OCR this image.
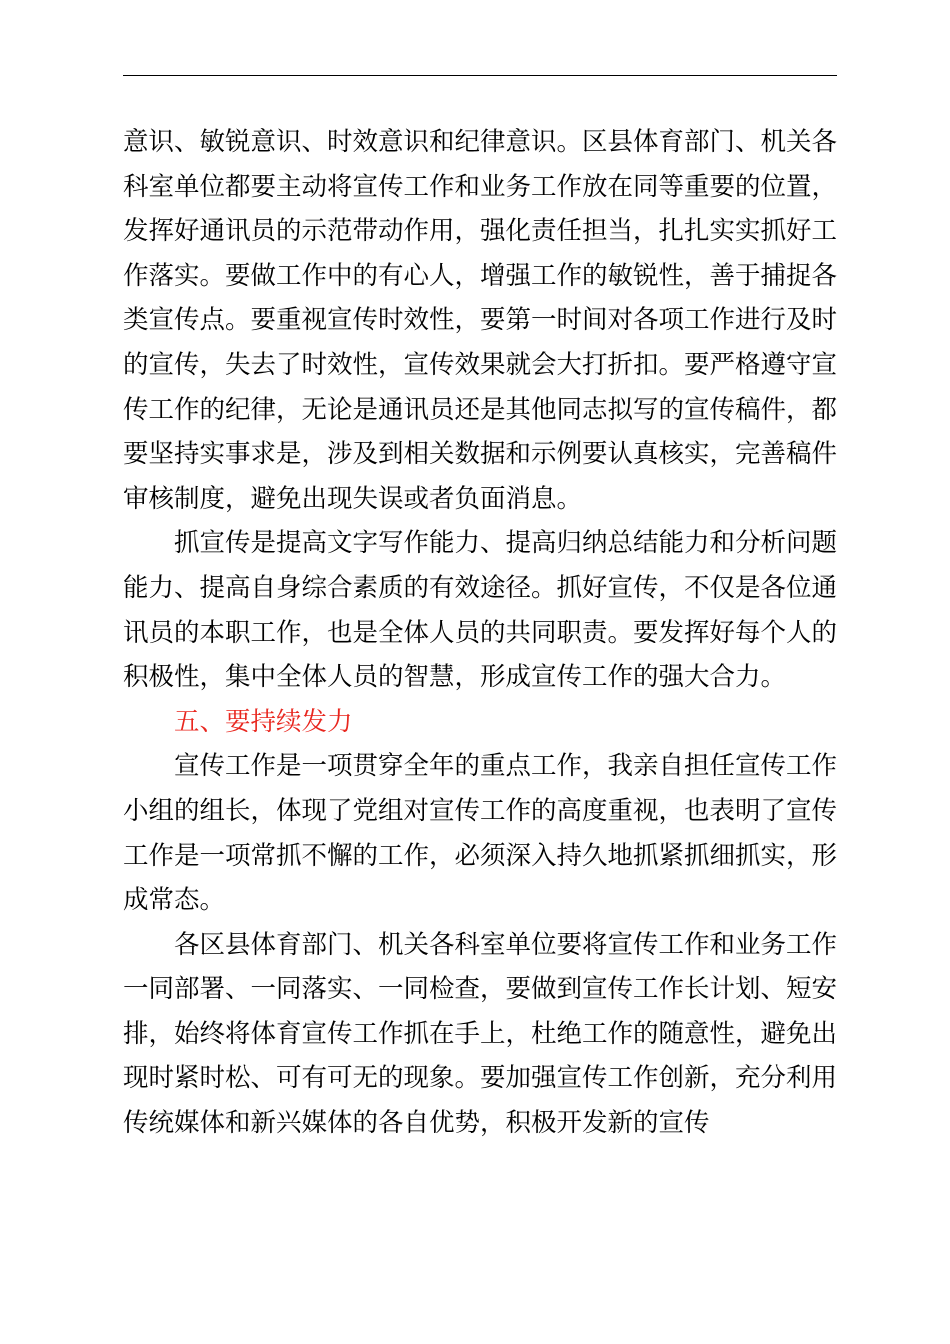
意识、敏锐意识、时效意识和纪律意识。区县体育部门、机关各科室单位都要主动将宣传工作和业务工作放在同等重要的位置，发挥好通讯员的示范带动作用，强化责任担当，扎扎实实抓好工作落实。要做工作中的有心人，增强工作的敏锐性，善于捕捉各类宣传点。要重视宣传时效性，要第一时间对各项工作进行及时的宣传，失去了时效性，宣传效果就会大打折扣。要严格遵守宣传工作的纪律，无论是通讯员还是其他同志拟写的宣传稿件，都要坚持实事求是，涉及到相关数据和示例要认真核实，完善稿件审核制度，避免出现失误或者负面消息。

抓宣传是提高文字写作能力、提高归纳总结能力和分析问题能力、提高自身综合素质的有效途径。抓好宣传，不仅是各位通讯员的本职工作，也是全体人员的共同职责。要发挥好每个人的积极性，集中全体人员的智慧，形成宣传工作的强大合力。

五、要持续发力

宣传工作是一项贯穿全年的重点工作，我亲自担任宣传工作小组的组长，体现了党组对宣传工作的高度重视，也表明了宣传工作是一项常抓不懈的工作，必须深入持久地抓紧抓细抓实，形成常态。

各区县体育部门、机关各科室单位要将宣传工作和业务工作一同部署、一同落实、一同检查，要做到宣传工作长计划、短安排，始终将体育宣传工作抓在手上，杜绝工作的随意性，避免出现时紧时松、可有可无的现象。要加强宣传工作创新，充分利用传统媒体和新兴媒体的各自优势，积极开发新的宣传
